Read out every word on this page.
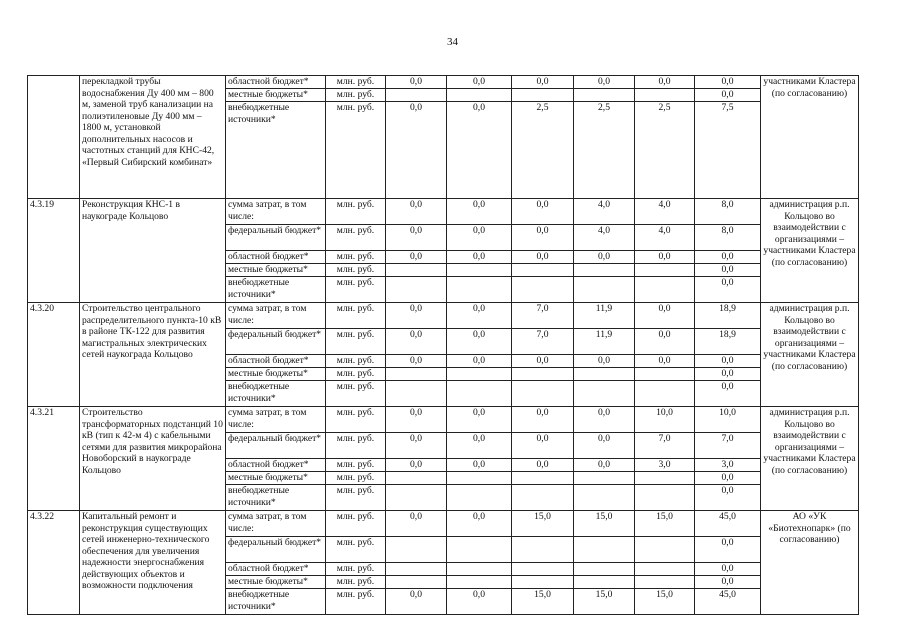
34
	перекладкой трубы водоснабжения Ду 400 мм – 800 м, заменой труб канализации на полиэтиленовые Ду 400 мм – 1800 м, установкой дополнительных насосов и частотных станций для КНС-42, «Первый Сибирский комбинат»	областной бюджет*	млн. руб.	0,0	0,0	0,0	0,0	0,0	0,0	участниками Кластера (по согласованию)
		местные бюджеты*	млн. руб.						0,0	
		внебюджетные источники*	млн. руб.	0,0	0,0	2,5	2,5	2,5	7,5	
4.3.19	Реконструкция КНС-1 в наукограде Кольцово	сумма затрат, в том числе:	млн. руб.	0,0	0,0	0,0	4,0	4,0	8,0	администрация р.п. Кольцово во взаимодействии с организациями – участниками Кластера (по согласованию)
		федеральный бюджет*	млн. руб.	0,0	0,0	0,0	4,0	4,0	8,0	
		областной бюджет*	млн. руб.	0,0	0,0	0,0	0,0	0,0	0,0	
		местные бюджеты*	млн. руб.						0,0	
		внебюджетные источники*	млн. руб.						0,0	
4.3.20	Строительство центрального распределительного пункта-10 кВ в районе ТК-122 для развития магистральных электрических сетей наукограда Кольцово	сумма затрат, в том числе:	млн. руб.	0,0	0,0	7,0	11,9	0,0	18,9	администрация р.п. Кольцово во взаимодействии с организациями – участниками Кластера (по согласованию)
		федеральный бюджет*	млн. руб.	0,0	0,0	7,0	11,9	0,0	18,9	
		областной бюджет*	млн. руб.	0,0	0,0	0,0	0,0	0,0	0,0	
		местные бюджеты*	млн. руб.						0,0	
		внебюджетные источники*	млн. руб.						0,0	
4.3.21	Строительство трансформаторных подстанций 10 кВ (тип к 42-м 4) с кабельными сетями для развития микрорайона Новоборский в наукограде Кольцово	сумма затрат, в том числе:	млн. руб.	0,0	0,0	0,0	0,0	10,0	10,0	администрация р.п. Кольцово во взаимодействии с организациями – участниками Кластера (по согласованию)
		федеральный бюджет*	млн. руб.	0,0	0,0	0,0	0,0	7,0	7,0	
		областной бюджет*	млн. руб.	0,0	0,0	0,0	0,0	3,0	3,0	
		местные бюджеты*	млн. руб.						0,0	
		внебюджетные источники*	млн. руб.						0,0	
4.3.22	Капитальный ремонт и реконструкция существующих сетей инженерно-технического обеспечения для увеличения надежности энергоснабжения действующих объектов и возможности подключения	сумма затрат, в том числе:	млн. руб.	0,0	0,0	15,0	15,0	15,0	45,0	АО «УК «Биотехнопарк» (по согласованию)
		федеральный бюджет*	млн. руб.						0,0	
		областной бюджет*	млн. руб.						0,0	
		местные бюджеты*	млн. руб.						0,0	
		внебюджетные источники*	млн. руб.	0,0	0,0	15,0	15,0	15,0	45,0	
